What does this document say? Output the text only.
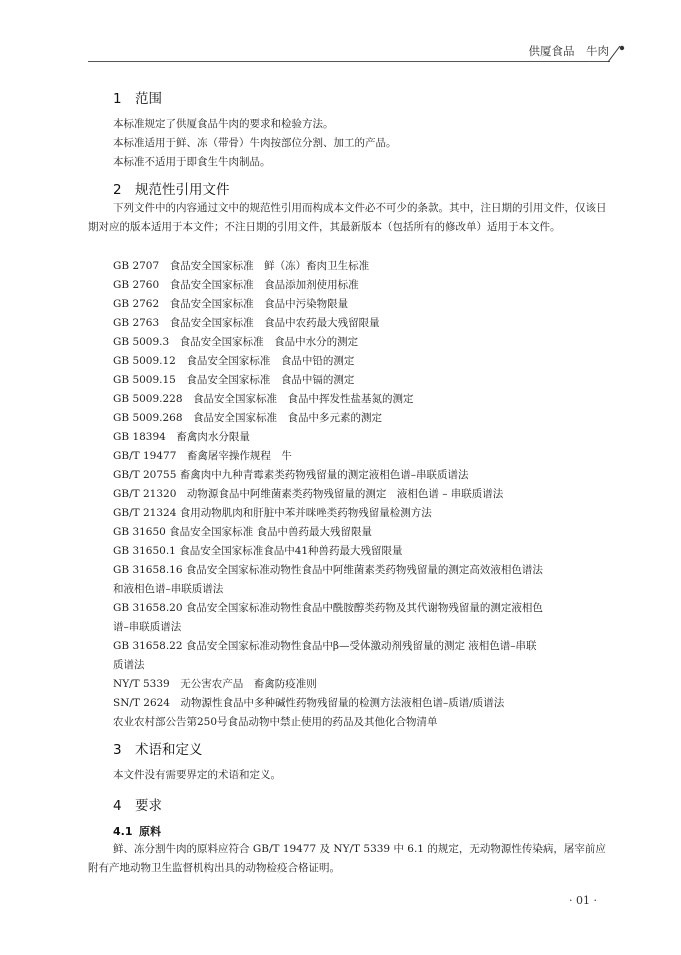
供厦食品　牛肉
1 范围
本标准规定了供厦食品牛肉的要求和检验方法。
本标准适用于鲜、冻（带骨）牛肉按部位分割、加工的产品。
本标准不适用于即食生牛肉制品。
2 规范性引用文件
下列文件中的内容通过文中的规范性引用而构成本文件必不可少的条款。其中，注日期的引用文件，仅该日期对应的版本适用于本文件；不注日期的引用文件，其最新版本（包括所有的修改单）适用于本文件。
GB 2707　食品安全国家标准　鲜（冻）畜肉卫生标准
GB 2760　食品安全国家标准　食品添加剂使用标准
GB 2762　食品安全国家标准　食品中污染物限量
GB 2763　食品安全国家标准　食品中农药最大残留限量
GB 5009.3　食品安全国家标准　食品中水分的测定
GB 5009.12　食品安全国家标准　食品中铅的测定
GB 5009.15　食品安全国家标准　食品中镉的测定
GB 5009.228　食品安全国家标准　食品中挥发性盐基氮的测定
GB 5009.268　食品安全国家标准　食品中多元素的测定
GB 18394　畜禽肉水分限量
GB/T 19477　畜禽屠宰操作规程　牛
GB/T 20755 畜禽肉中九种青霉素类药物残留量的测定液相色谱–串联质谱法
GB/T 21320　动物源食品中阿维菌素类药物残留量的测定　液相色谱 – 串联质谱法
GB/T 21324 食用动物肌肉和肝脏中苯并咪唑类药物残留量检测方法
GB 31650 食品安全国家标准 食品中兽药最大残留限量
GB 31650.1 食品安全国家标准食品中41种兽药最大残留限量
GB 31658.16 食品安全国家标准动物性食品中阿维菌素类药物残留量的测定高效液相色谱法和液相色谱–串联质谱法
GB 31658.20 食品安全国家标准动物性食品中酰胺醇类药物及其代谢物残留量的测定液相色谱–串联质谱法
GB 31658.22 食品安全国家标准动物性食品中β—受体激动剂残留量的测定 液相色谱–串联质谱法
NY/T 5339　无公害农产品　畜禽防疫准则
SN/T 2624　动物源性食品中多种碱性药物残留量的检测方法液相色谱–质谱/质谱法
农业农村部公告第250号食品动物中禁止使用的药品及其他化合物清单
3 术语和定义
本文件没有需要界定的术语和定义。
4 要求
4.1 原料
鲜、冻分割牛肉的原料应符合 GB/T 19477 及 NY/T 5339 中 6.1 的规定，无动物源性传染病，屠宰前应附有产地动物卫生监督机构出具的动物检疫合格证明。
· 01 ·
